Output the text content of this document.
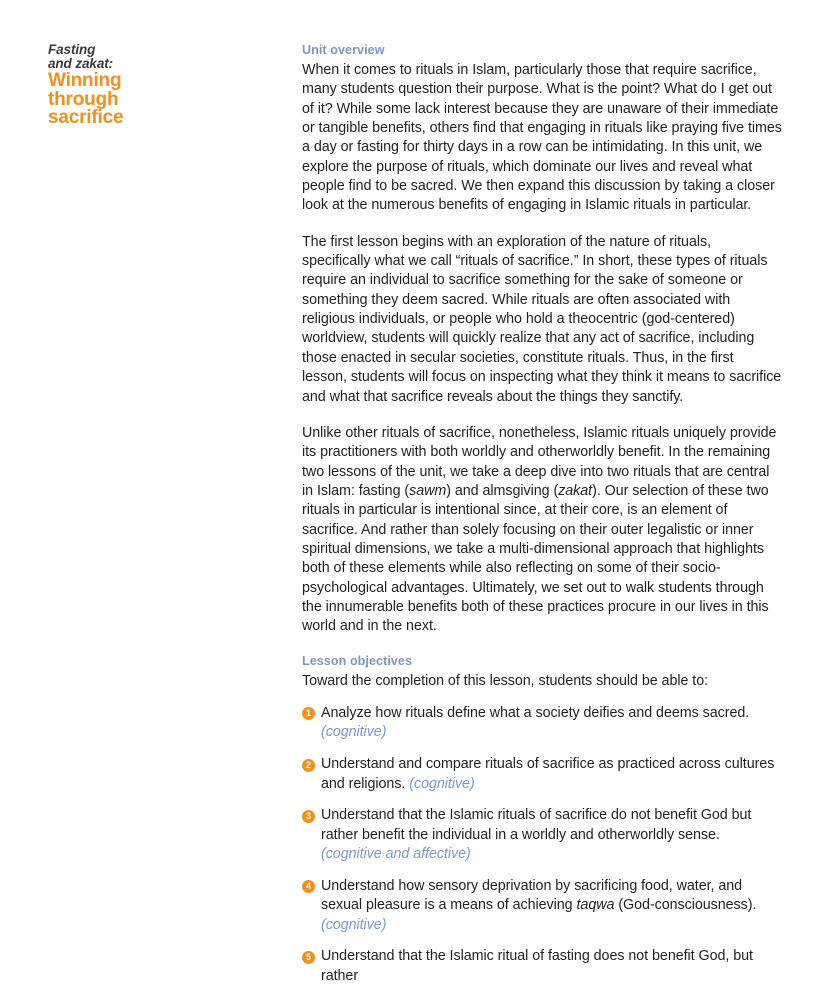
Fasting
and zakat:
Winning
through
sacrifice
Unit overview

When it comes to rituals in Islam, particularly those that require sacrifice, many students question their purpose. What is the point? What do I get out of it? While some lack interest because they are unaware of their immediate or tangible benefits, others find that engaging in rituals like praying five times a day or fasting for thirty days in a row can be intimidating. In this unit, we explore the purpose of rituals, which dominate our lives and reveal what people find to be sacred. We then expand this discussion by taking a closer look at the numerous benefits of engaging in Islamic rituals in particular.

The first lesson begins with an exploration of the nature of rituals, specifically what we call “rituals of sacrifice.” In short, these types of rituals require an individual to sacrifice something for the sake of someone or something they deem sacred. While rituals are often associated with religious individuals, or people who hold a theocentric (god-centered) worldview, students will quickly realize that any act of sacrifice, including those enacted in secular societies, constitute rituals. Thus, in the first lesson, students will focus on inspecting what they think it means to sacrifice and what that sacrifice reveals about the things they sanctify.

Unlike other rituals of sacrifice, nonetheless, Islamic rituals uniquely provide its practitioners with both worldly and otherworldly benefit. In the remaining two lessons of the unit, we take a deep dive into two rituals that are central in Islam: fasting (sawm) and almsgiving (zakat). Our selection of these two rituals in particular is intentional since, at their core, is an element of sacrifice. And rather than solely focusing on their outer legalistic or inner spiritual dimensions, we take a multi-dimensional approach that highlights both of these elements while also reflecting on some of their socio-psychological advantages. Ultimately, we set out to walk students through the innumerable benefits both of these practices procure in our lives in this world and in the next.

Lesson objectives

Toward the completion of this lesson, students should be able to:

1 Analyze how rituals define what a society deifies and deems sacred. (cognitive)
2 Understand and compare rituals of sacrifice as practiced across cultures and religions. (cognitive)
3 Understand that the Islamic rituals of sacrifice do not benefit God but rather benefit the individual in a worldly and otherworldly sense. (cognitive and affective)
4 Understand how sensory deprivation by sacrificing food, water, and sexual pleasure is a means of achieving taqwa (God-consciousness). (cognitive)
5 Understand that the Islamic ritual of fasting does not benefit God, but rather
